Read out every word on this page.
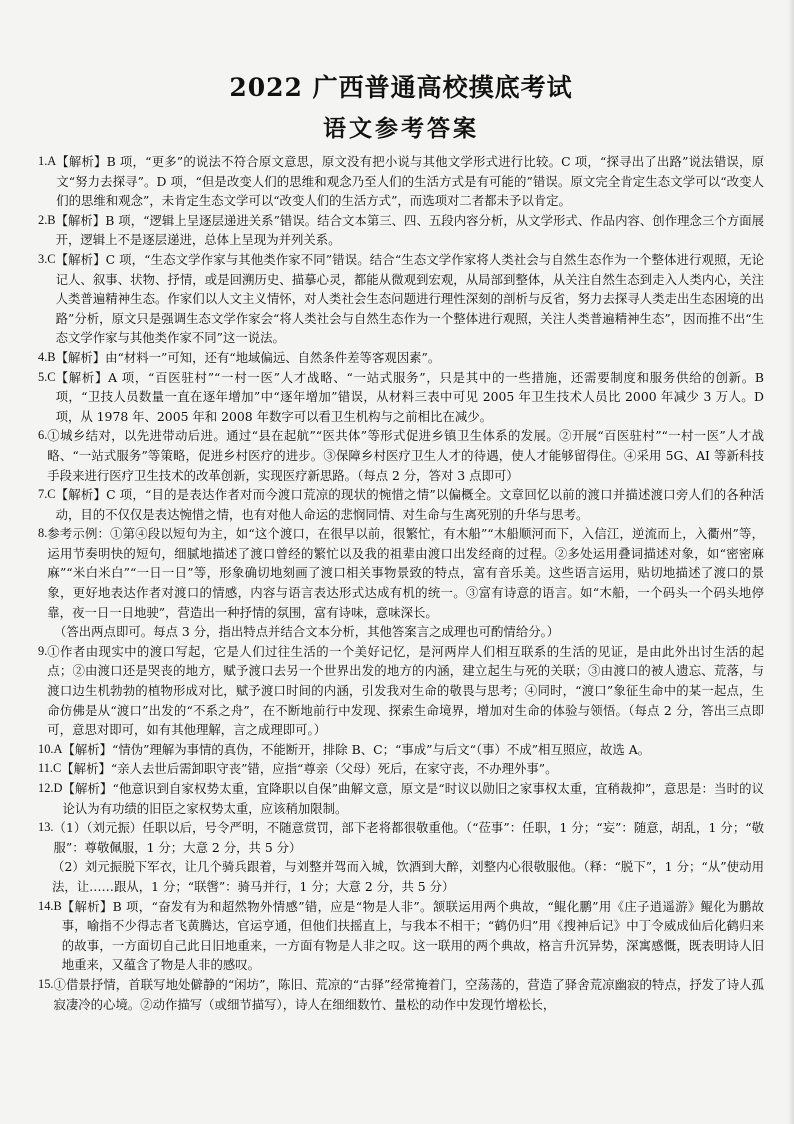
2022 广西普通高校摸底考试
语文参考答案
1.A 【解析】B 项，“更多”的说法不符合原文意思，原文没有把小说与其他文学形式进行比较。C 项，“探寻出了出路”说法错误，原文“努力去探寻”。D 项，“但是改变人们的思维和观念乃至人们的生活方式是有可能的”错误。原文完全肯定生态文学可以“改变人们的思维和观念”，未肯定生态文学可以“改变人们的生活方式”，而选项对二者都未予以肯定。
2.B 【解析】B 项，“逻辑上呈逐层递进关系”错误。结合文本第三、四、五段内容分析，从文学形式、作品内容、创作理念三个方面展开，逻辑上不是逐层递进，总体上呈现为并列关系。
3.C 【解析】C 项，“生态文学作家与其他类作家不同”错误。结合“生态文学作家将人类社会与自然生态作为一个整体进行观照，无论记人、叙事、状物、抒情，或是回溯历史、描摹心灵，都能从微观到宏观，从局部到整体，从关注自然生态到走入人类内心，关注人类普遍精神生态。作家们以人文主义情怀，对人类社会生态问题进行理性深刻的剖析与反省，努力去探寻人类走出生态困境的出路”分析，原文只是强调生态文学作家会“将人类社会与自然生态作为一个整体进行观照，关注人类普遍精神生态”，因而推不出“生态文学作家与其他类作家不同”这一说法。
4.B 【解析】由“材料一”可知，还有“地域偏远、自然条件差等客观因素”。
5.C 【解析】A 项，“百医驻村”“一村一医”人才战略、“一站式服务”，只是其中的一些措施，还需要制度和服务供给的创新。B 项，“卫技人员数量一直在逐年增加”中“逐年增加”错误，从材料三表中可见 2005 年卫生技术人员比 2000 年减少 3 万人。D 项，从 1978 年、2005 年和 2008 年数字可以看卫生机构与之前相比在减少。
6. ①城乡结对，以先进带动后进。通过“县在起航”“医共体”等形式促进乡镇卫生体系的发展。②开展“百医驻村”“一村一医”人才战略、“一站式服务”等策略，促进乡村医疗的进步。③保障乡村医疗卫生人才的待遇，使人才能够留得住。④采用 5G、AI 等新科技手段来进行医疗卫生技术的改革创新，实现医疗新思路。（每点 2 分，答对 3 点即可）
7.C 【解析】C 项，“目的是表达作者对而今渡口荒凉的现状的惋惜之情”以偏概全。文章回忆以前的渡口并描述渡口旁人们的各种活动，目的不仅仅是表达惋惜之情，也有对他人命运的悲悯同情、对生命与生离死别的升华与思考。
8. 参考示例：①第④段以短句为主，如“这个渡口，在很早以前，很繁忙，有木船”“木船顺河而下，入信江，逆流而上，入衢州”等，运用节奏明快的短句，细腻地描述了渡口曾经的繁忙以及我的祖辈由渡口出发经商的过程。②多处运用叠词描述对象，如“密密麻麻”“米白米白”“一日一日”等，形象确切地刻画了渡口相关事物景致的特点，富有音乐美。这些语言运用，贴切地描述了渡口的景象，更好地表达作者对渡口的情感，内容与语言表达形式达成有机的统一。③富有诗意的语言。如“木船，一个码头一个码头地停靠，夜一日一日地驶”，营造出一种抒情的氛围，富有诗味，意味深长。
（答出两点即可。每点 3 分，指出特点并结合文本分析，其他答案言之成理也可酌情给分。）
9. ①作者由现实中的渡口写起，它是人们过往生活的一个美好记忆，是河两岸人们相互联系的生活的见证，是由此外出讨生活的起点；②由渡口还是哭丧的地方，赋予渡口去另一个世界出发的地方的内涵，建立起生与死的关联；③由渡口的被人遗忘、荒落，与渡口边生机勃勃的植物形成对比，赋予渡口时间的内涵，引发我对生命的敬畏与思考；④同时，“渡口”象征生命中的某一起点，生命仿佛是从“渡口”出发的“不系之舟”，在不断地前行中发现、探索生命境界，增加对生命的体验与领悟。（每点 2 分，答出三点即可，意思对即可，如有其他理解，言之成理即可。）
10.A 【解析】“情伪”理解为事情的真伪，不能断开，排除 B、C；“事成”与后文“（事）不成”相互照应，故选 A。
11.C 【解析】“亲人去世后需卸职守丧”错，应指“尊亲（父母）死后，在家守丧，不办理外事”。
12.D 【解析】“他意识到自家权势太重，宜降职以自保”曲解文意，原文是“时议以勋旧之家事权太重，宜稍裁抑”，意思是：当时的议论认为有功绩的旧臣之家权势太重，应该稍加限制。
13. （1）（刘元振）任职以后，号令严明，不随意赏罚，部下老将都很敬重他。（“莅事”：任职，1 分；“妄”：随意，胡乱，1 分；“敬服”：尊敬佩服，1 分；大意 2 分，共 5 分）
（2）刘元振脱下军衣，让几个骑兵跟着，与刘整并驾而入城，饮酒到大醉，刘整内心很敬服他。（释：“脱下”，1 分；“从”使动用法，让……跟从，1 分；“联辔”：骑马并行，1 分；大意 2 分，共 5 分）
14.B 【解析】B 项，“奋发有为和超然物外情感”错，应是“物是人非”。颔联运用两个典故，“鲲化鹏”用《庄子逍遥游》鲲化为鹏故事，喻指不少得志者飞黄腾达，官运亨通，但他们扶摇直上，与我本不相干；“鹤仍归”用《搜神后记》中丁令威成仙后化鹤归来的故事，一方面切自己此日旧地重来，一方面有物是人非之叹。这一联用的两个典故，格言升沉异势，深寓感慨，既表明诗人旧地重来，又蕴含了物是人非的感叹。
15. ①借景抒情，首联写地处僻静的“闲坊”，陈旧、荒凉的“古驿”经常掩着门，空荡荡的，营造了驿舍荒凉幽寂的特点，抒发了诗人孤寂凄冷的心境。②动作描写（或细节描写），诗人在细细数竹、量松的动作中发现竹增松长，
